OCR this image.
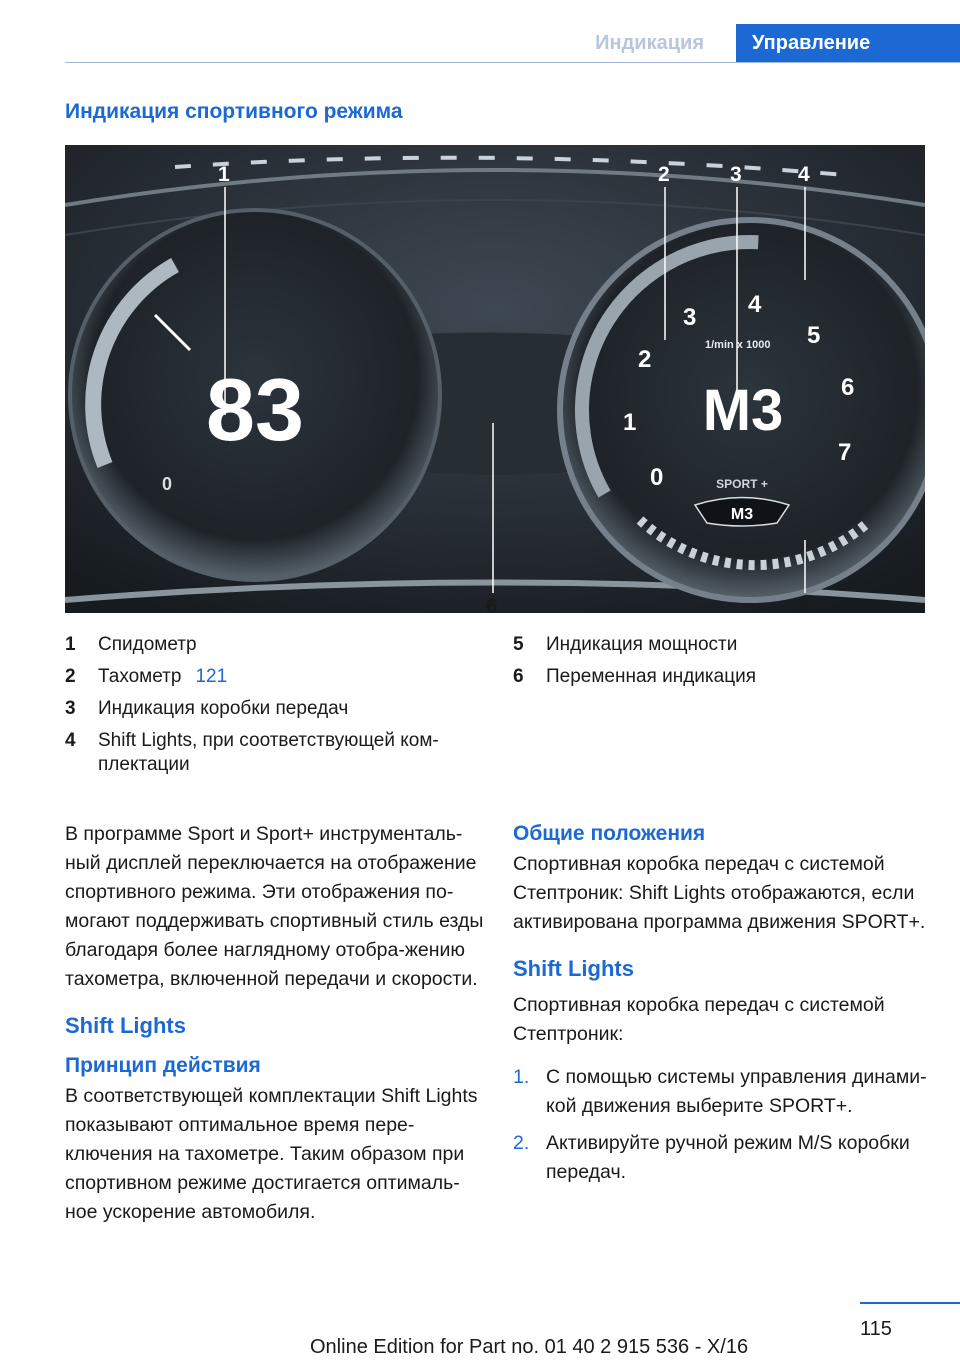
Индикация	Управление
Индикация спортивного режима
83
0	0
1
2
3 4
5
6
7
1/min x 1000
M3
SPORT +
M3
1	2	3	4
5
6
1	Спидометр
2	Тахометр 121
3	Индикация коробки передач
4	Shift Lights, при соответствующей ком-плектации
5	Индикация мощности
6	Переменная индикация

В программе Sport и Sport+ инструменталь-ный дисплей переключается на отображение спортивного режима. Эти отображения по-могают поддерживать спортивный стиль езды благодаря более наглядному отобра-жению тахометра, включенной передачи и скорости.

Shift Lights
Принцип действия

В соответствующей комплектации Shift Lights показывают оптимальное время пере-ключения на тахометре. Таким образом при спортивном режиме достигается оптималь-ное ускорение автомобиля.

Общие положения

Спортивная коробка передач с системой Стептроник: Shift Lights отображаются, если активирована программа движения SPORT+.

Shift Lights

Спортивная коробка передач с системой Стептроник:

1. С помощью системы управления динами-кой движения выберите SPORT+.
2. Активируйте ручной режим M/S коробки передач.
115
Online Edition for Part no. 01 40 2 915 536 - X/16
